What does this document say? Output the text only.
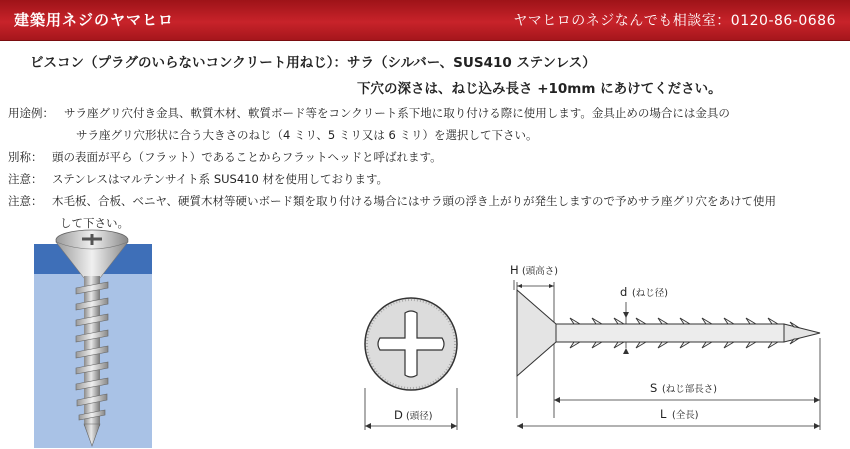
建築用ネジのヤマヒロ	ヤマヒロのネジなんでも相談室：0120-86-0686
ビスコン（プラグのいらないコンクリート用ねじ）：サラ（シルバー、SUS410 ステンレス）
下穴の深さは、ねじ込み長さ +10mm にあけてください。
用途例： サラ座グリ穴付き金具、軟質木材、軟質ボード等をコンクリート系下地に取り付ける際に使用します。金具止めの場合には金具の
サラ座グリ穴形状に合う大きさのねじ（4 ミリ、5 ミリ又は 6 ミリ）を選択して下さい。
別称： 頭の表面が平ら（フラット）であることからフラットヘッドと呼ばれます。
注意： ステンレスはマルテンサイト系 SUS410 材を使用しております。
注意： 木毛板、合板、ベニヤ、硬質木材等硬いボード類を取り付ける場合にはサラ頭の浮き上がりが発生しますので予めサラ座グリ穴をあけて使用
して下さい。
D (頭径)
H (頭高さ)
d (ねじ径)
S (ねじ部長さ)
L (全長)
